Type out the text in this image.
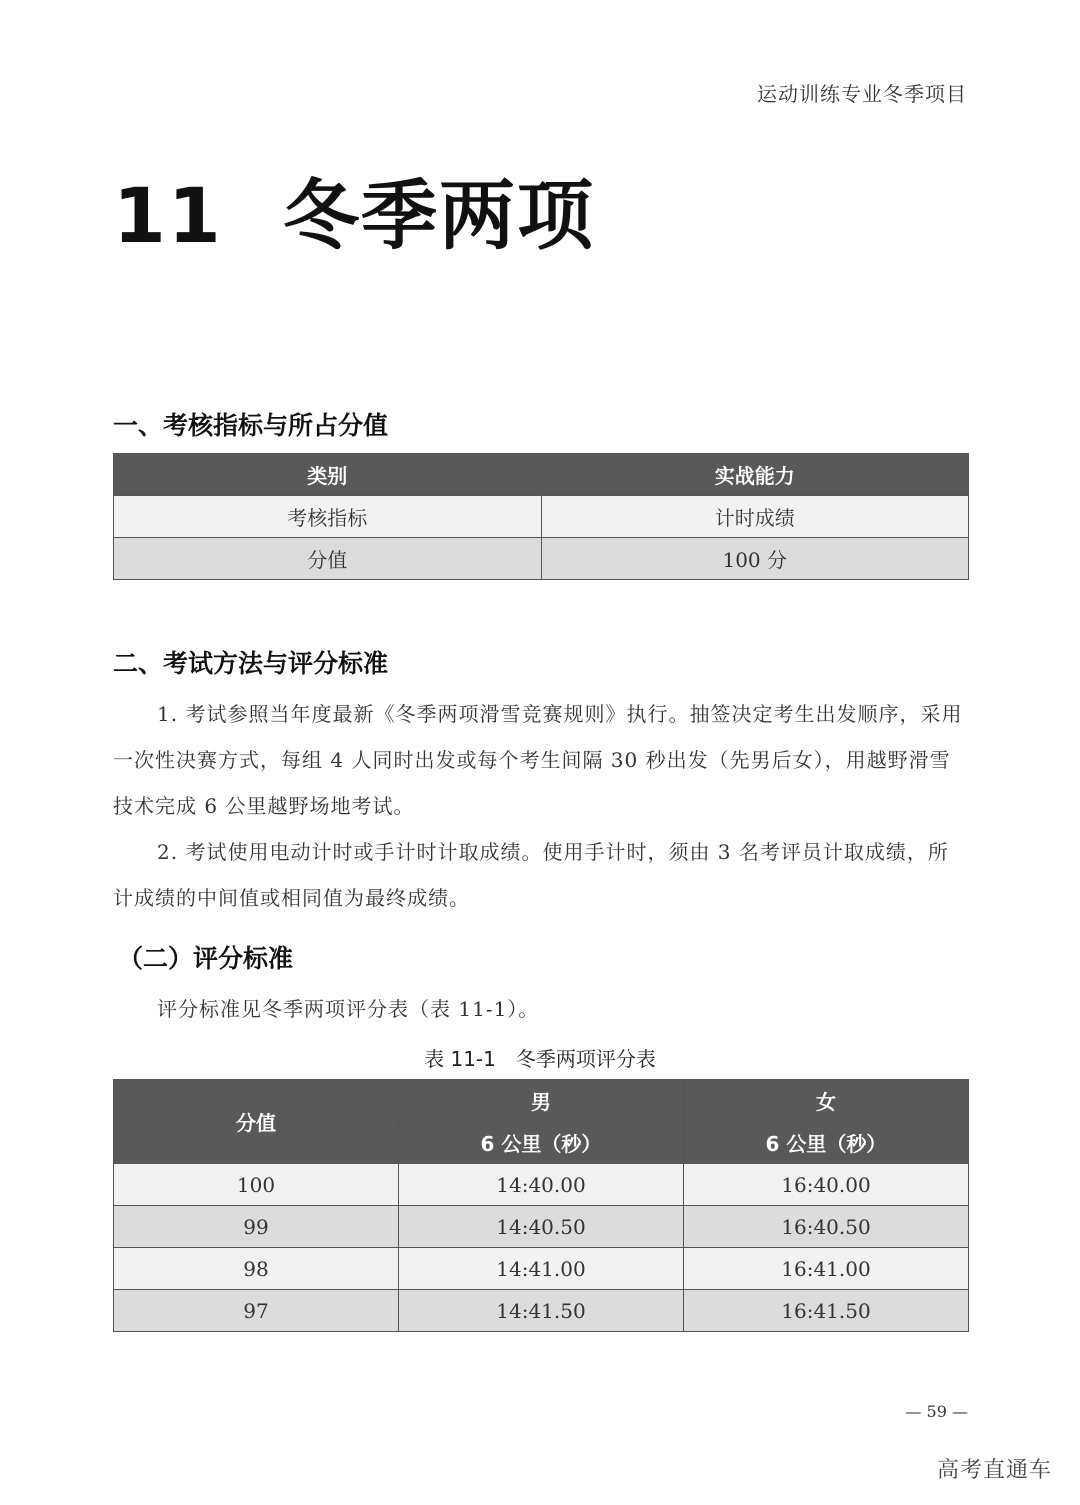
运动训练专业冬季项目
11 冬季两项
一、考核指标与所占分值
类别	实战能力
考核指标	计时成绩
分值	100 分
二、考试方法与评分标准

1. 考试参照当年度最新《冬季两项滑雪竞赛规则》执行。抽签决定考生出发顺序，采用一次性决赛方式，每组 4 人同时出发或每个考生间隔 30 秒出发（先男后女），用越野滑雪技术完成 6 公里越野场地考试。

2. 考试使用电动计时或手计时计取成绩。使用手计时，须由 3 名考评员计取成绩，所计成绩的中间值或相同值为最终成绩。

（二）评分标准

评分标准见冬季两项评分表（表 11-1）。

表 11-1　冬季两项评分表
分值	男	女
	6 公里（秒）	6 公里（秒）
100	14:40.00	16:40.00
99	14:40.50	16:40.50
98	14:41.00	16:41.00
97	14:41.50	16:41.50
— 59 —
高考直通车
